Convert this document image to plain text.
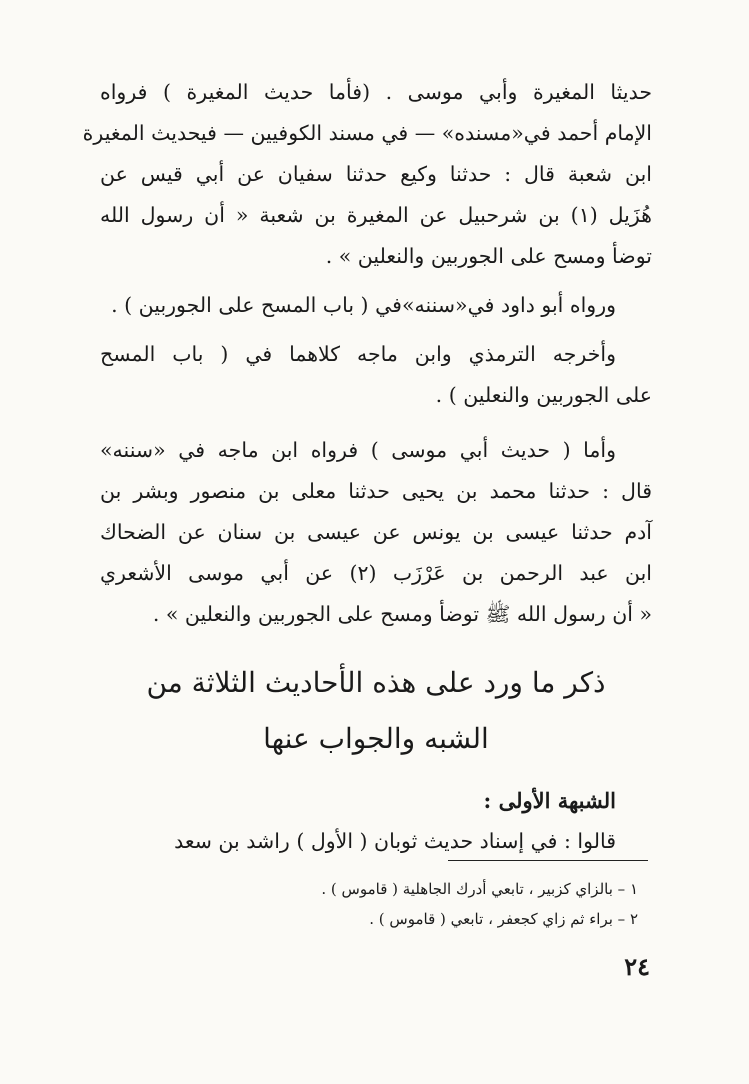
حديثا المغيرة وأبي موسى . (فأما حديث المغيرة ) فرواه
الإمام أحمد في«مسنده» — في مسند الكوفيين — فيحديث المغيرة
ابن شعبة قال : حدثنا وكيع حدثنا سفيان عن أبي قيس عن
هُزَيل (١) بن شرحبيل عن المغيرة بن شعبة « أن رسول الله
توضأ ومسح على الجوربين والنعلين » .

ورواه أبو داود في«سننه»في ( باب المسح على الجوربين ) .

وأخرجه الترمذي وابن ماجه كلاهما في ( باب المسح
على الجوربين والنعلين ) .

وأما ( حديث أبي موسى ) فرواه ابن ماجه في «سننه»
قال : حدثنا محمد بن يحيى حدثنا معلى بن منصور وبشر بن
آدم حدثنا عيسى بن يونس عن عيسى بن سنان عن الضحاك
ابن عبد الرحمن بن عَرْزَب (٢) عن أبي موسى الأشعري
« أن رسول الله ﷺ توضأ ومسح على الجوربين والنعلين » .

ذكر ما ورد على هذه الأحاديث الثلاثة من
الشبه والجواب عنها
الشبهة الأولى :
قالوا : في إسناد حديث ثوبان ( الأول ) راشد بن سعد
١ – بالزاي كزبير ، تابعي أدرك الجاهلية ( قاموس ) .
٢ – براء ثم زاي كجعفر ، تابعي ( قاموس ) .
٢٤
